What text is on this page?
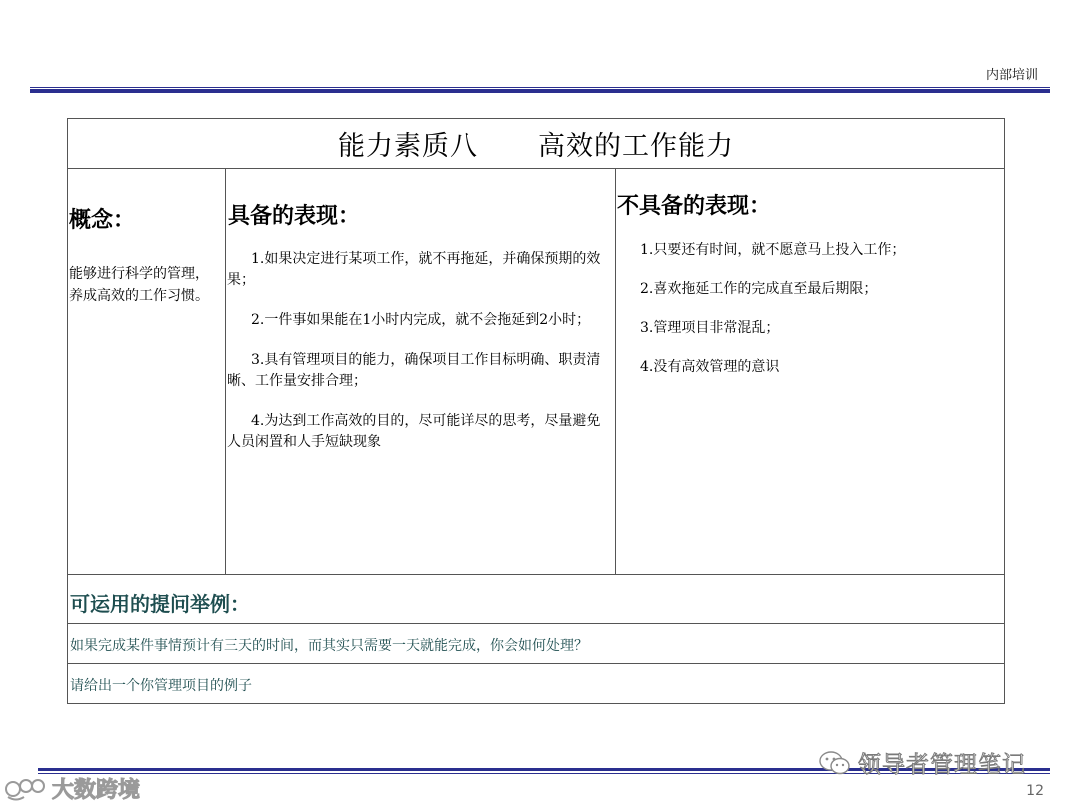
内部培训
能力素质八 高效的工作能力
概念：
能够进行科学的管理，
养成高效的工作习惯。
具备的表现：
1.如果决定进行某项工作，就不再拖延，并确保预期的效果；
2.一件事如果能在1小时内完成，就不会拖延到2小时；
3.具有管理项目的能力，确保项目工作目标明确、职责清晰、工作量安排合理；
4.为达到工作高效的目的，尽可能详尽的思考，尽量避免人员闲置和人手短缺现象
不具备的表现：
1.只要还有时间，就不愿意马上投入工作；
2.喜欢拖延工作的完成直至最后期限；
3.管理项目非常混乱；
4.没有高效管理的意识
可运用的提问举例：
如果完成某件事情预计有三天的时间，而其实只需要一天就能完成，你会如何处理？
请给出一个你管理项目的例子
领导者管理笔记
大数跨境	12
